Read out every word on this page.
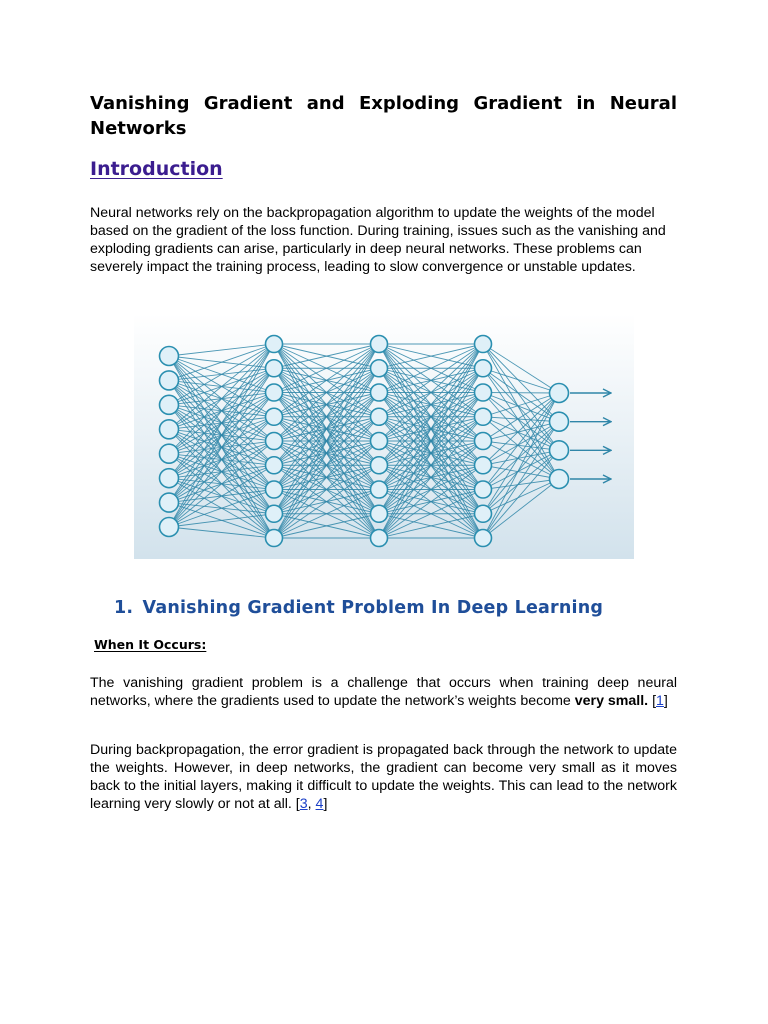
Vanishing Gradient and Exploding Gradient in Neural Networks
Introduction

Neural networks rely on the backpropagation algorithm to update the weights of the model based on the gradient of the loss function. During training, issues such as the vanishing and exploding gradients can arise, particularly in deep neural networks. These problems can severely impact the training process, leading to slow convergence or unstable updates.

1. Vanishing Gradient Problem In Deep Learning
When It Occurs:

The vanishing gradient problem is a challenge that occurs when training deep neural networks, where the gradients used to update the network’s weights become very small. [1]

During backpropagation, the error gradient is propagated back through the network to update the weights. However, in deep networks, the gradient can become very small as it moves back to the initial layers, making it difficult to update the weights. This can lead to the network learning very slowly or not at all. [3, 4]
